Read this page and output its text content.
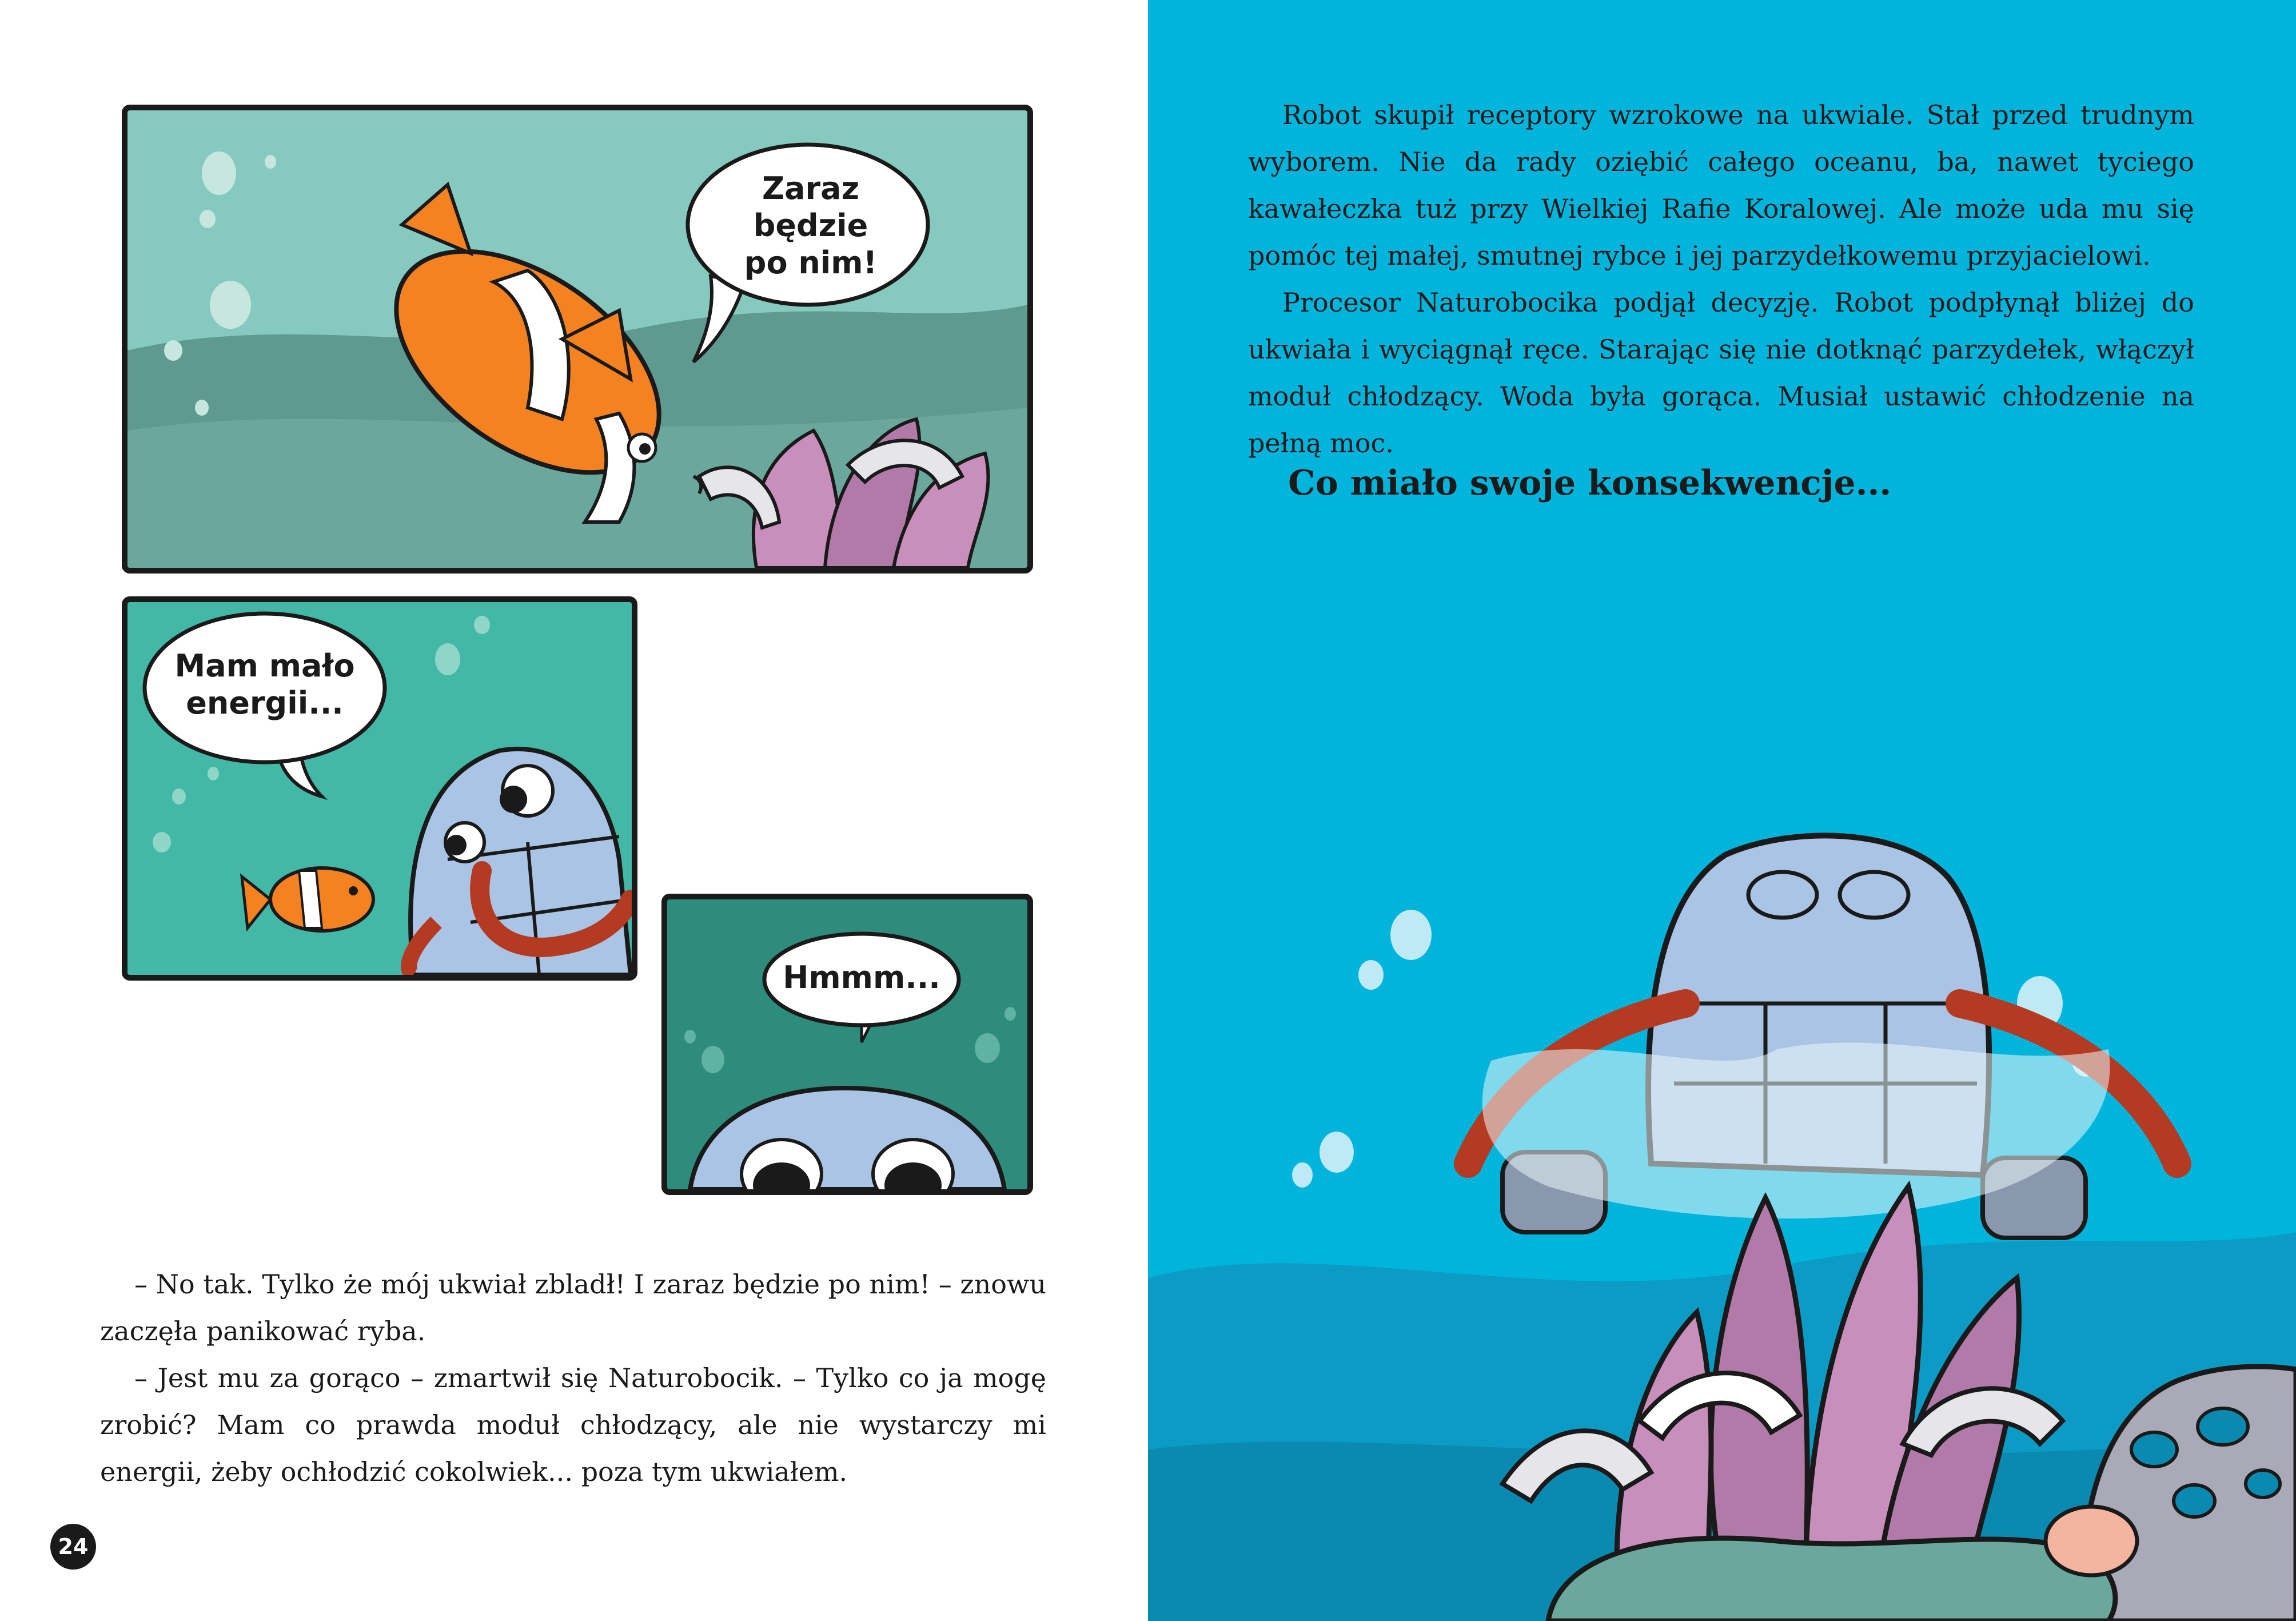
Zaraz będzie po nim!
Mam mało energii...
Hmmm...

– No tak. Tylko że mój ukwiał zbladł! I zaraz będzie po nim! – znowu zaczęła panikować ryba.

– Jest mu za gorąco – zmartwił się Naturobocik. – Tylko co ja mogę zrobić? Mam co prawda moduł chłodzący, ale nie wystarczy mi energii, żeby ochłodzić cokolwiek... poza tym ukwiałem.

24

Robot skupił receptory wzrokowe na ukwiale. Stał przed trudnym wyborem. Nie da rady oziębić całego oceanu, ba, nawet tyciego kawałeczka tuż przy Wielkiej Rafie Koralowej. Ale może uda mu się pomóc tej małej, smutnej rybce i jej parzydełkowemu przyjacielowi.

Procesor Naturobocika podjął decyzję. Robot podpłynął bliżej do ukwiała i wyciągnął ręce. Starając się nie dotknąć parzydełek, włączył moduł chłodzący. Woda była gorąca. Musiał ustawić chłodzenie na pełną moc.

Co miało swoje konsekwencje...
